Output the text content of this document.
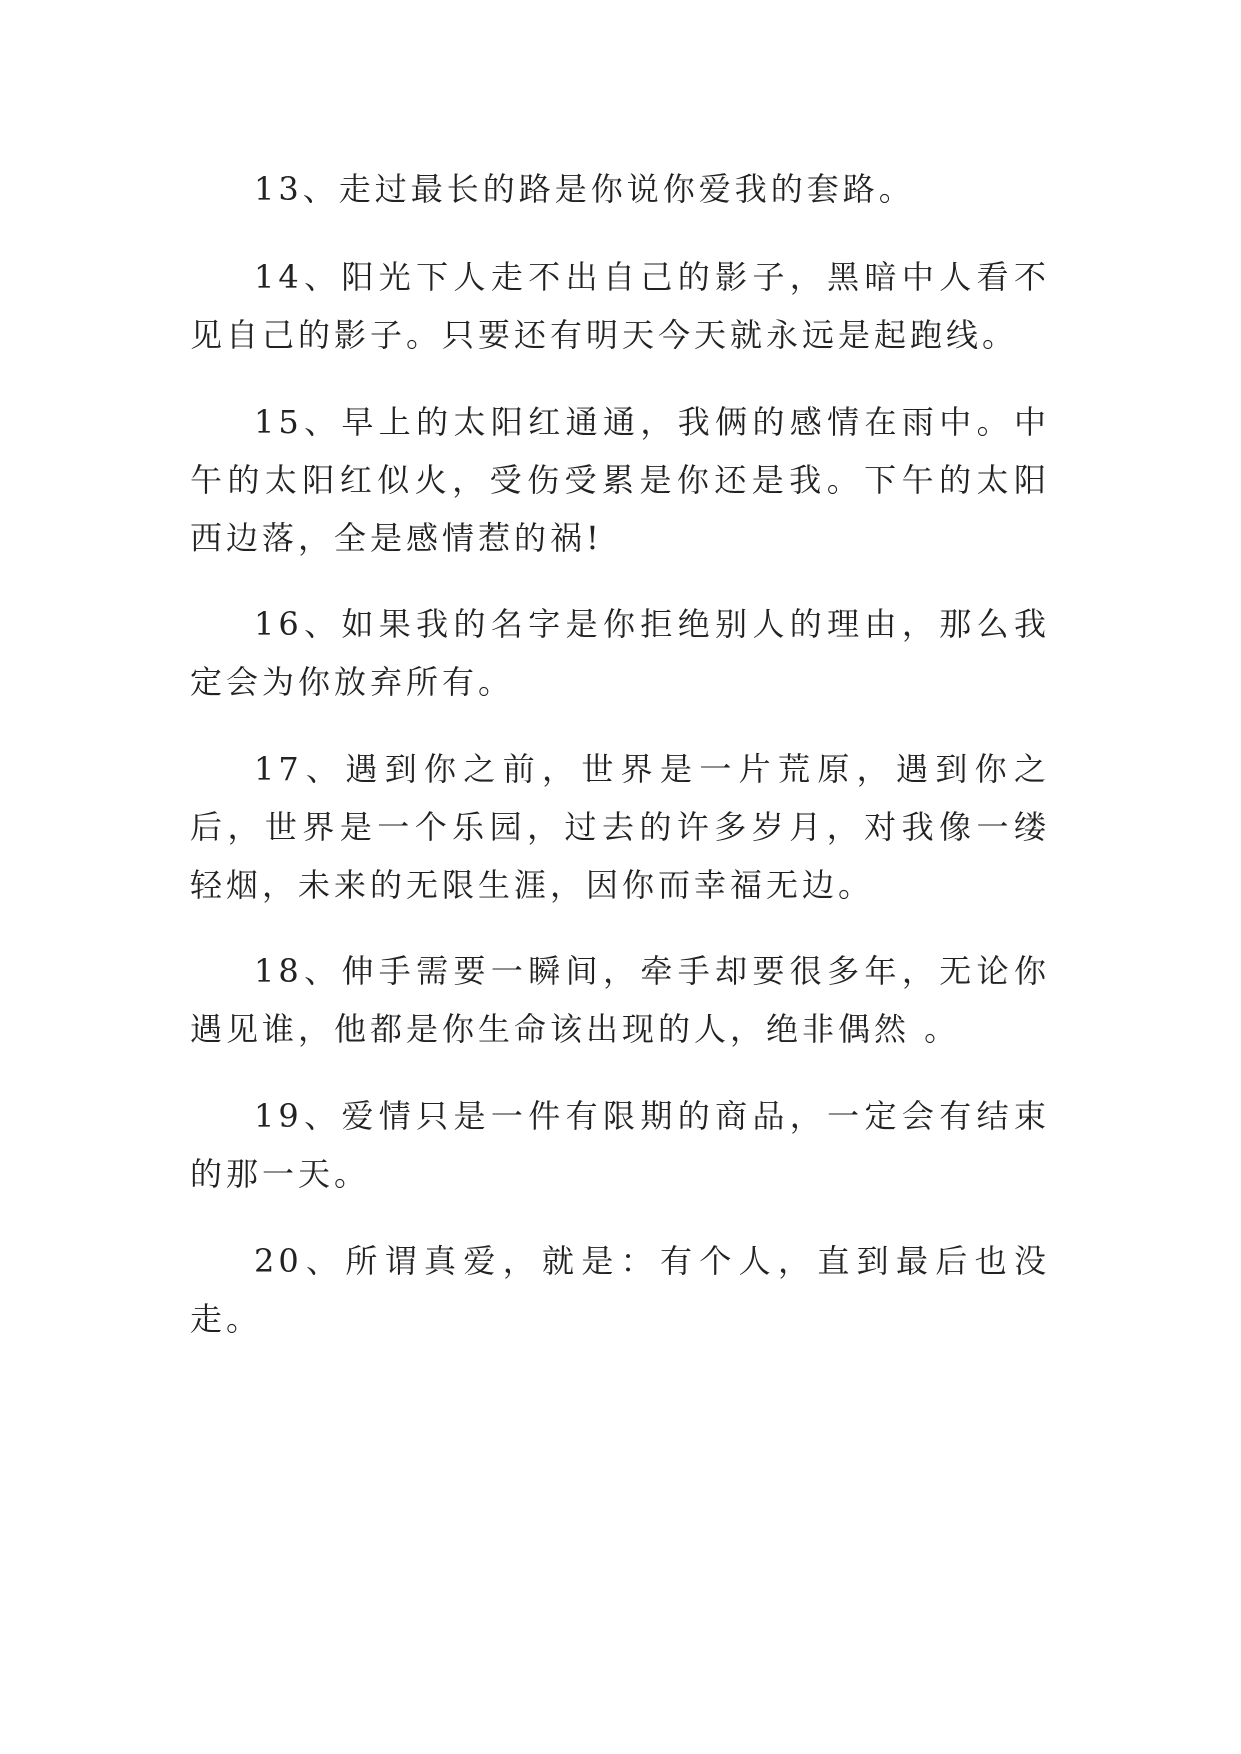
13、走过最长的路是你说你爱我的套路。

14、阳光下人走不出自己的影子，黑暗中人看不见自己的影子。只要还有明天今天就永远是起跑线。

15、早上的太阳红通通，我俩的感情在雨中。中午的太阳红似火，受伤受累是你还是我。下午的太阳西边落，全是感情惹的祸!

16、如果我的名字是你拒绝别人的理由，那么我定会为你放弃所有。

17、遇到你之前，世界是一片荒原，遇到你之后，世界是一个乐园，过去的许多岁月，对我像一缕轻烟，未来的无限生涯，因你而幸福无边。

18、伸手需要一瞬间，牵手却要很多年，无论你遇见谁，他都是你生命该出现的人，绝非偶然 。

19、爱情只是一件有限期的商品，一定会有结束的那一天。

20、所谓真爱，就是：有个人，直到最后也没走。
